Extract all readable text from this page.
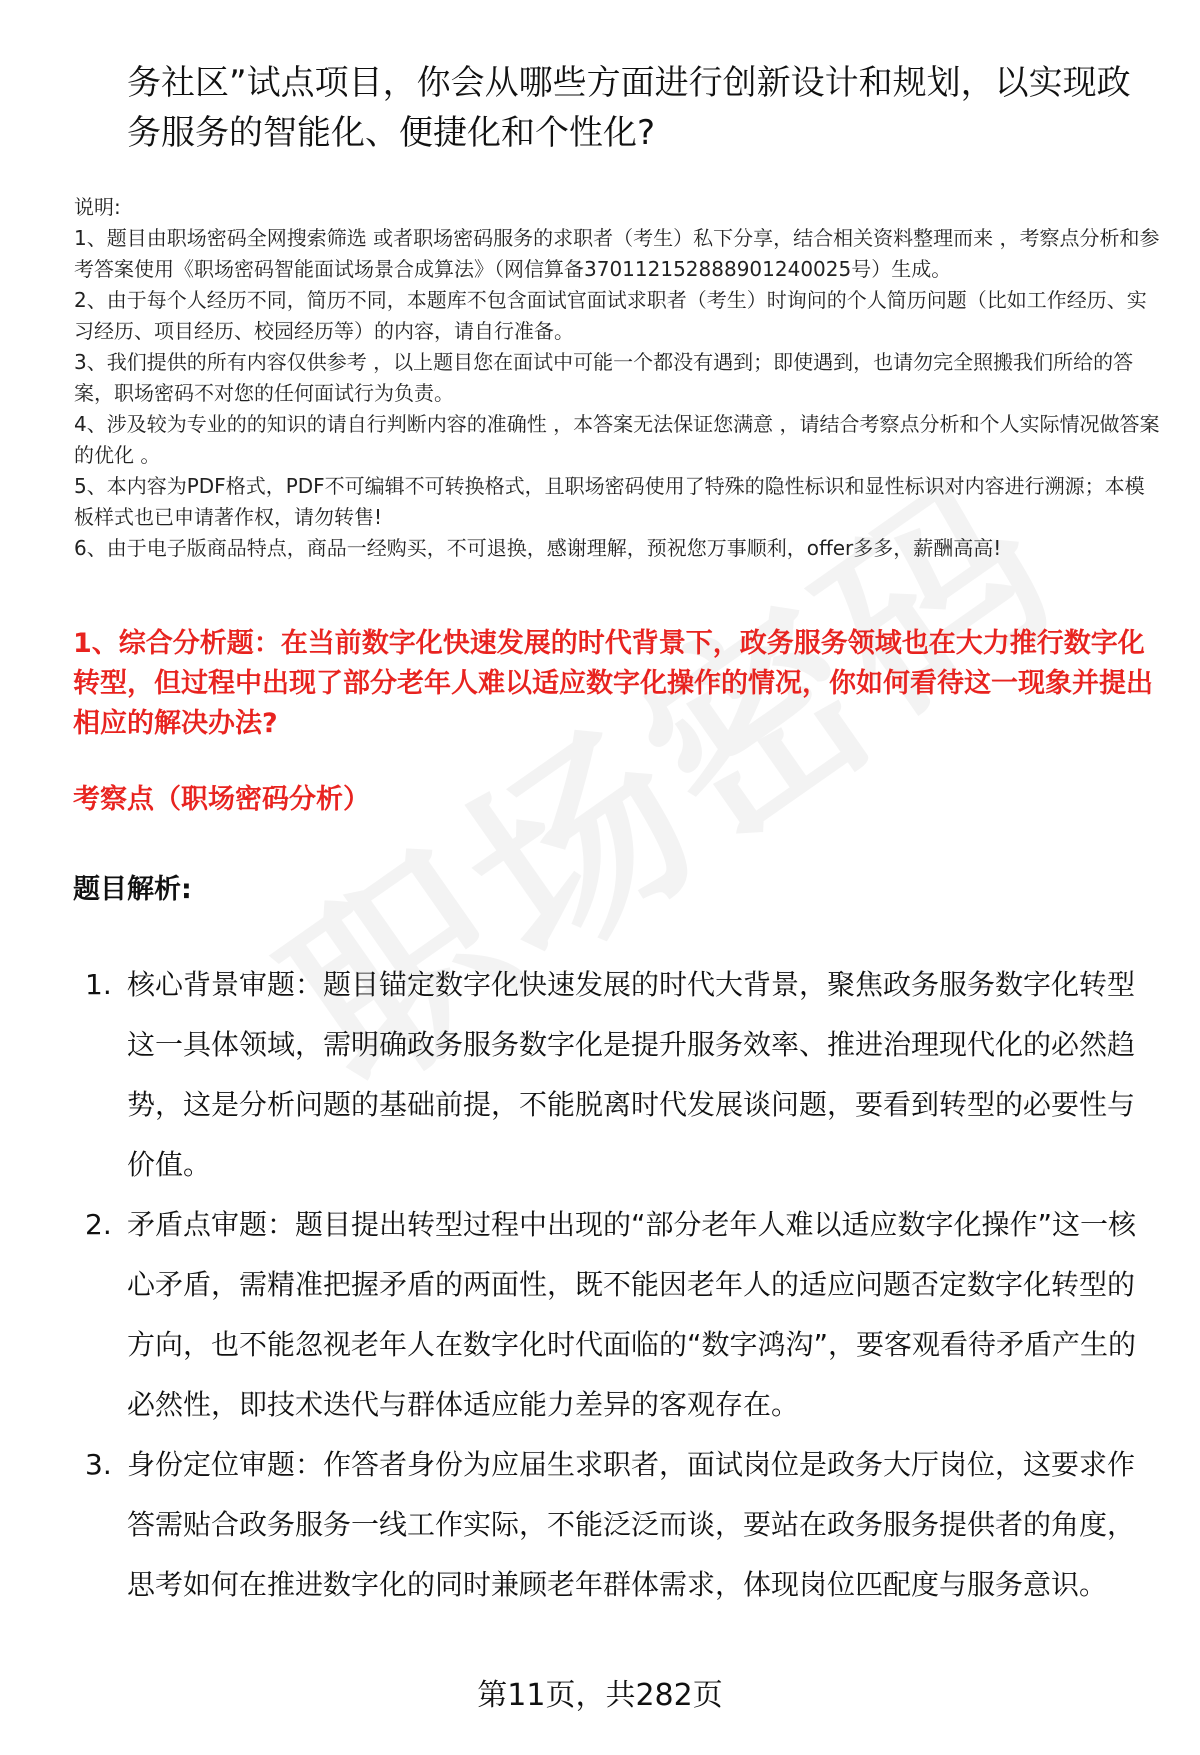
务社区”试点项目，你会从哪些方面进行创新设计和规划，以实现政务服务的智能化、便捷化和个性化?

说明:

1、题目由职场密码全网搜索筛选 或者职场密码服务的求职者（考生）私下分享，结合相关资料整理而来 ，考察点分析和参考答案使用《职场密码智能面试场景合成算法》（网信算备370112152888901240025号）生成。

2、由于每个人经历不同，简历不同，本题库不包含面试官面试求职者（考生）时询问的个人简历问题（比如工作经历、实习经历、项目经历、校园经历等）的内容，请自行准备。

3、我们提供的所有内容仅供参考 ，以上题目您在面试中可能一个都没有遇到；即使遇到，也请勿完全照搬我们所给的答案，职场密码不对您的任何面试行为负责。

4、涉及较为专业的的知识的请自行判断内容的准确性 ，本答案无法保证您满意 ，请结合考察点分析和个人实际情况做答案的优化 。

5、本内容为PDF格式，PDF不可编辑不可转换格式，且职场密码使用了特殊的隐性标识和显性标识对内容进行溯源；本模板样式也已申请著作权，请勿转售!

6、由于电子版商品特点，商品一经购买，不可退换，感谢理解，预祝您万事顺利，offer多多，薪酬高高!

1、综合分析题：在当前数字化快速发展的时代背景下，政务服务领域也在大力推行数字化转型，但过程中出现了部分老年人难以适应数字化操作的情况，你如何看待这一现象并提出相应的解决办法?

考察点（职场密码分析）

题目解析:

1. 核心背景审题：题目锚定数字化快速发展的时代大背景，聚焦政务服务数字化转型这一具体领域，需明确政务服务数字化是提升服务效率、推进治理现代化的必然趋势，这是分析问题的基础前提，不能脱离时代发展谈问题，要看到转型的必要性与价值。
2. 矛盾点审题：题目提出转型过程中出现的“部分老年人难以适应数字化操作”这一核心矛盾，需精准把握矛盾的两面性，既不能因老年人的适应问题否定数字化转型的方向，也不能忽视老年人在数字化时代面临的“数字鸿沟”，要客观看待矛盾产生的必然性，即技术迭代与群体适应能力差异的客观存在。
3. 身份定位审题：作答者身份为应届生求职者，面试岗位是政务大厅岗位，这要求作答需贴合政务服务一线工作实际，不能泛泛而谈，要站在政务服务提供者的角度，思考如何在推进数字化的同时兼顾老年群体需求，体现岗位匹配度与服务意识。
第11页，共282页
